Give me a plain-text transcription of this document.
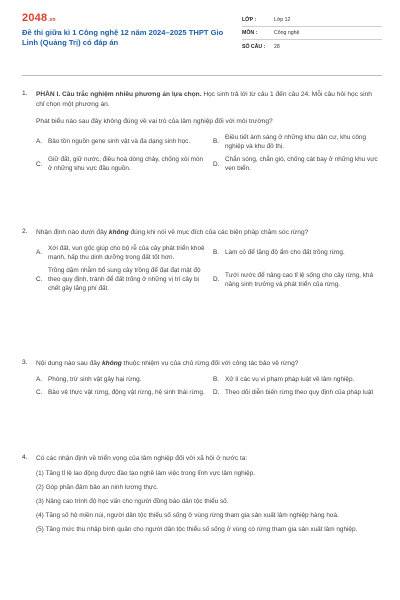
2048 .vn
Đề thi giữa kì 1 Công nghệ 12 năm 2024–2025 THPT Gio Linh (Quảng Trị) có đáp án
LỚP :	Lớp 12
MÔN :	Công nghệ
SỐ CÂU :	28
1.	PHẦN I. Câu trắc nghiệm nhiều phương án lựa chọn. Học sinh trả lời từ câu 1 đến câu 24. Mỗi câu hỏi học sinh chỉ chọn một phương án.
Phát biểu nào sau đây không đúng về vai trò của lâm nghiệp đối với môi trường?
A. Bảo tồn nguồn gene sinh vật và đa dạng sinh học.	B.
Điều tiết ánh sáng ở những khu dân cư, khu công nghiệp và khu đô thị.
C.
Giữ đất, giữ nước, điều hoà dòng chảy, chống xói mòn ở những khu vực đầu nguồn.
D.
Chắn sóng, chắn gió, chống cát bay ở những khu vực ven biển.
2.	Nhận định nào dưới đây không đúng khi nói về mục đích của các biện pháp chăm sóc rừng?
A.
Xới đất, vun gốc giúp cho bộ rễ của cây phát triển khoẻ mạnh, hấp thu dinh dưỡng trong đất tốt hơn.
B. Làm cỏ để tăng độ ẩm cho đất trồng rừng.
C.
Trồng dặm nhằm bổ sung cây trồng để đạt đạt mật độ theo quy định, tránh để đất trống ở những vị trí cây bị chết gây lãng phí đất.
D.
Tưới nước để nâng cao tỉ lệ sống cho cây rừng, khả năng sinh trưởng và phát triển của rừng.
3.	Nội dung nào sau đây không thuộc nhiệm vụ của chủ rừng đối với công tác bảo vệ rừng?
A. Phòng, trừ sinh vật gây hại rừng.	B. Xử lí các vụ vi phạm pháp luật về lâm nghiệp.
C. Bảo vệ thực vật rừng, động vật rừng, hệ sinh thái rừng. D. Theo dõi diễn biến rừng theo quy định của pháp luật
4.	Có các nhận định về triển vọng của lâm nghiệp đối với xã hội ở nước ta:
(1) Tăng tỉ lệ lao động được đào tạo nghề làm việc trong lĩnh vực lâm nghiệp.
(2) Góp phần đảm bảo an ninh lương thực.
(3) Nâng cao trình độ học vấn cho người đồng bào dân tộc thiểu số.
(4) Tăng số hộ miền núi, người dân tộc thiểu số sống ở vùng rừng tham gia sản xuất lâm nghiệp hàng hoá.
(5) Tăng mức thu nhập bình quân cho người dân tộc thiểu số sống ở vùng có rừng tham gia sản xuất lâm nghiệp.
